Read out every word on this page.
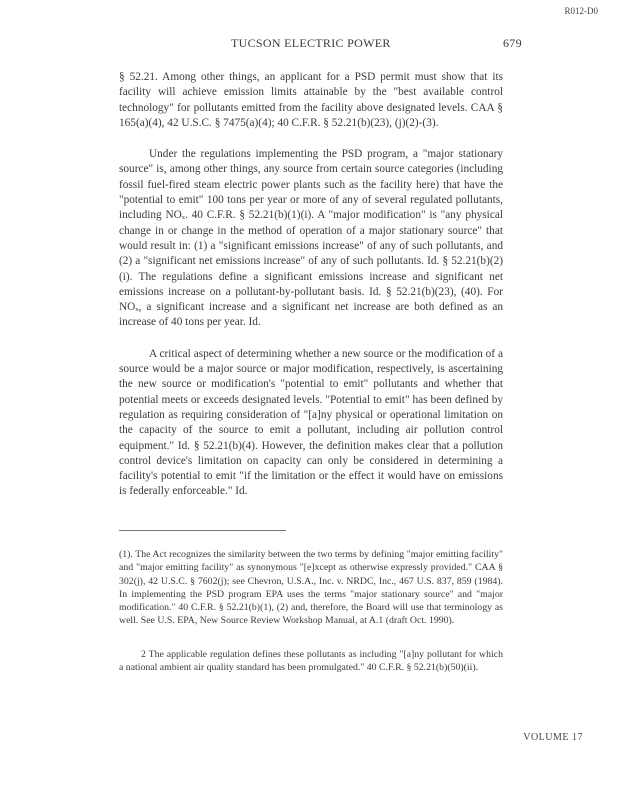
R012-D0
TUCSON ELECTRIC POWER	679

§ 52.21. Among other things, an applicant for a PSD permit must show that its facility will achieve emission limits attainable by the "best available control technology" for pollutants emitted from the facility above designated levels. CAA § 165(a)(4), 42 U.S.C. § 7475(a)(4); 40 C.F.R. § 52.21(b)(23), (j)(2)-(3).

Under the regulations implementing the PSD program, a "major stationary source" is, among other things, any source from certain source categories (including fossil fuel-fired steam electric power plants such as the facility here) that have the "potential to emit" 100 tons per year or more of any of several regulated pollutants, including NOₓ. 40 C.F.R. § 52.21(b)(1)(i). A "major modification" is "any physical change in or change in the method of operation of a major stationary source" that would result in: (1) a "significant emissions increase" of any of such pollutants, and (2) a "significant net emissions increase" of any of such pollutants. Id. § 52.21(b)(2)(i). The regulations define a significant emissions increase and significant net emissions increase on a pollutant-by-pollutant basis. Id. § 52.21(b)(23), (40). For NOₓ, a significant increase and a significant net increase are both defined as an increase of 40 tons per year. Id.

A critical aspect of determining whether a new source or the modification of a source would be a major source or major modification, respectively, is ascertaining the new source or modification's "potential to emit" pollutants and whether that potential meets or exceeds designated levels. "Potential to emit" has been defined by regulation as requiring consideration of "[a]ny physical or operational limitation on the capacity of the source to emit a pollutant, including air pollution control equipment." Id. § 52.21(b)(4). However, the definition makes clear that a pollution control device's limitation on capacity can only be considered in determining a facility's potential to emit "if the limitation or the effect it would have on emissions is federally enforceable." Id.

(1). The Act recognizes the similarity between the two terms by defining "major emitting facility" and "major emitting facility" as synonymous "[e]xcept as otherwise expressly provided." CAA § 302(j), 42 U.S.C. § 7602(j); see Chevron, U.S.A., Inc. v. NRDC, Inc., 467 U.S. 837, 859 (1984). In implementing the PSD program EPA uses the terms "major stationary source" and "major modification." 40 C.F.R. § 52.21(b)(1), (2) and, therefore, the Board will use that terminology as well. See U.S. EPA, New Source Review Workshop Manual, at A.1 (draft Oct. 1990).

2 The applicable regulation defines these pollutants as including "[a]ny pollutant for which a national ambient air quality standard has been promulgated." 40 C.F.R. § 52.21(b)(50)(ii).

VOLUME 17
